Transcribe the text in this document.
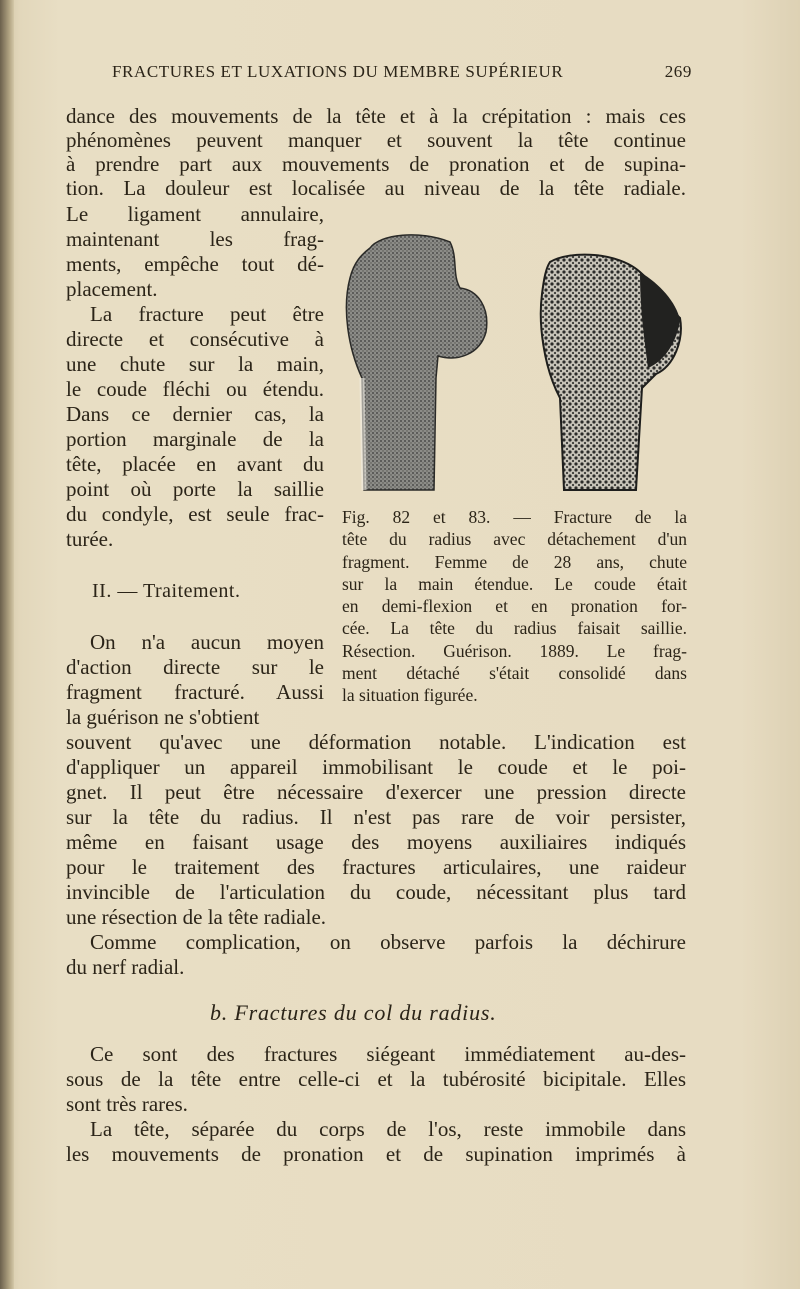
FRACTURES ET LUXATIONS DU MEMBRE SUPÉRIEUR	269
dance des mouvements de la tête et à la crépitation : mais ces
phénomènes peuvent manquer et souvent la tête continue
à prendre part aux mouvements de pronation et de supina-
tion. La douleur est localisée au niveau de la tête radiale.
Le ligament annulaire,
maintenant les frag-
ments, empêche tout dé-
placement.
La fracture peut être
directe et consécutive à
une chute sur la main,
le coude fléchi ou étendu.
Dans ce dernier cas, la
portion marginale de la
tête, placée en avant du
point où porte la saillie
du condyle, est seule frac-
turée.
II. — Traitement.
On n'a aucun moyen
d'action directe sur le
fragment fracturé. Aussi
la guérison ne s'obtient
Fig. 82 et 83. — Fracture de la
tête du radius avec détachement d'un
fragment. Femme de 28 ans, chute
sur la main étendue. Le coude était
en demi-flexion et en pronation for-
cée. La tête du radius faisait saillie.
Résection. Guérison. 1889. Le frag-
ment détaché s'était consolidé dans
la situation figurée.
souvent qu'avec une déformation notable. L'indication est
d'appliquer un appareil immobilisant le coude et le poi-
gnet. Il peut être nécessaire d'exercer une pression directe
sur la tête du radius. Il n'est pas rare de voir persister,
même en faisant usage des moyens auxiliaires indiqués
pour le traitement des fractures articulaires, une raideur
invincible de l'articulation du coude, nécessitant plus tard
une résection de la tête radiale.
Comme complication, on observe parfois la déchirure
du nerf radial.
b. Fractures du col du radius.
Ce sont des fractures siégeant immédiatement au-des-
sous de la tête entre celle-ci et la tubérosité bicipitale. Elles
sont très rares.
La tête, séparée du corps de l'os, reste immobile dans
les mouvements de pronation et de supination imprimés à
